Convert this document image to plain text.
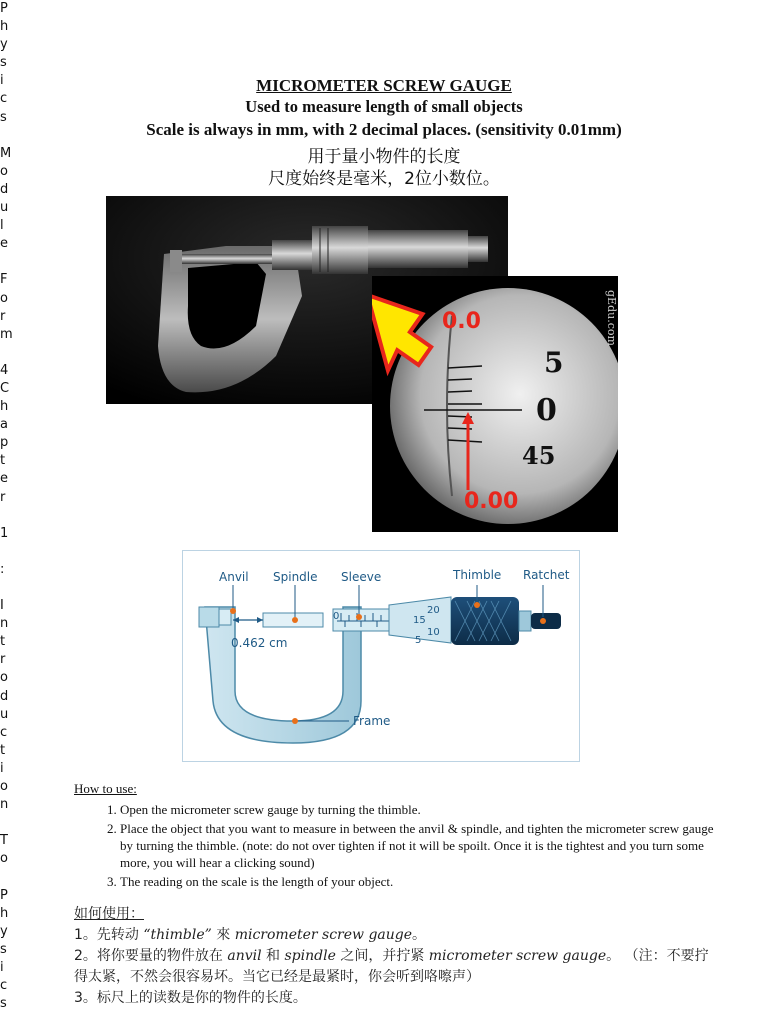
P
h
y
s
i
c
s
M
o
d
u
l
e
F
o
r
m
4
C
h
a
p
t
e
r
1
:
I
n
t
r
o
d
u
c
t
i
o
n
T
o
P
h
y
s
i
c
s
MICROMETER SCREW GAUGE
Used to measure length of small objects
Scale is always in mm, with 2 decimal places. (sensitivity 0.01mm)
用于量小物件的长度
尺度始终是毫米，2位小数位。
5
0
45
0.0
0.00
gEdu.com
Anvil Spindle Sleeve	Thimble Ratchet
Frame
0.462 cm
0
20
15
10
5
How to use:
1. Open the micrometer screw gauge by turning the thimble.
2. Place the object that you want to measure in between the anvil & spindle, and tighten the micrometer screw gauge by turning the thimble. (note: do not over tighten if not it will be spoilt. Once it is the tightest and you turn some more, you will hear a clicking sound)
3. The reading on the scale is the length of your object.
如何使用：
1。先转动 “thimble” 來 micrometer screw gauge。
2。将你要量的物件放在 anvil 和 spindle 之间，并拧紧 micrometer screw gauge。 （注：不要拧得太紧，不然会很容易坏。当它已经是最紧时，你会听到咯嚓声）
3。标尺上的读数是你的物件的长度。
